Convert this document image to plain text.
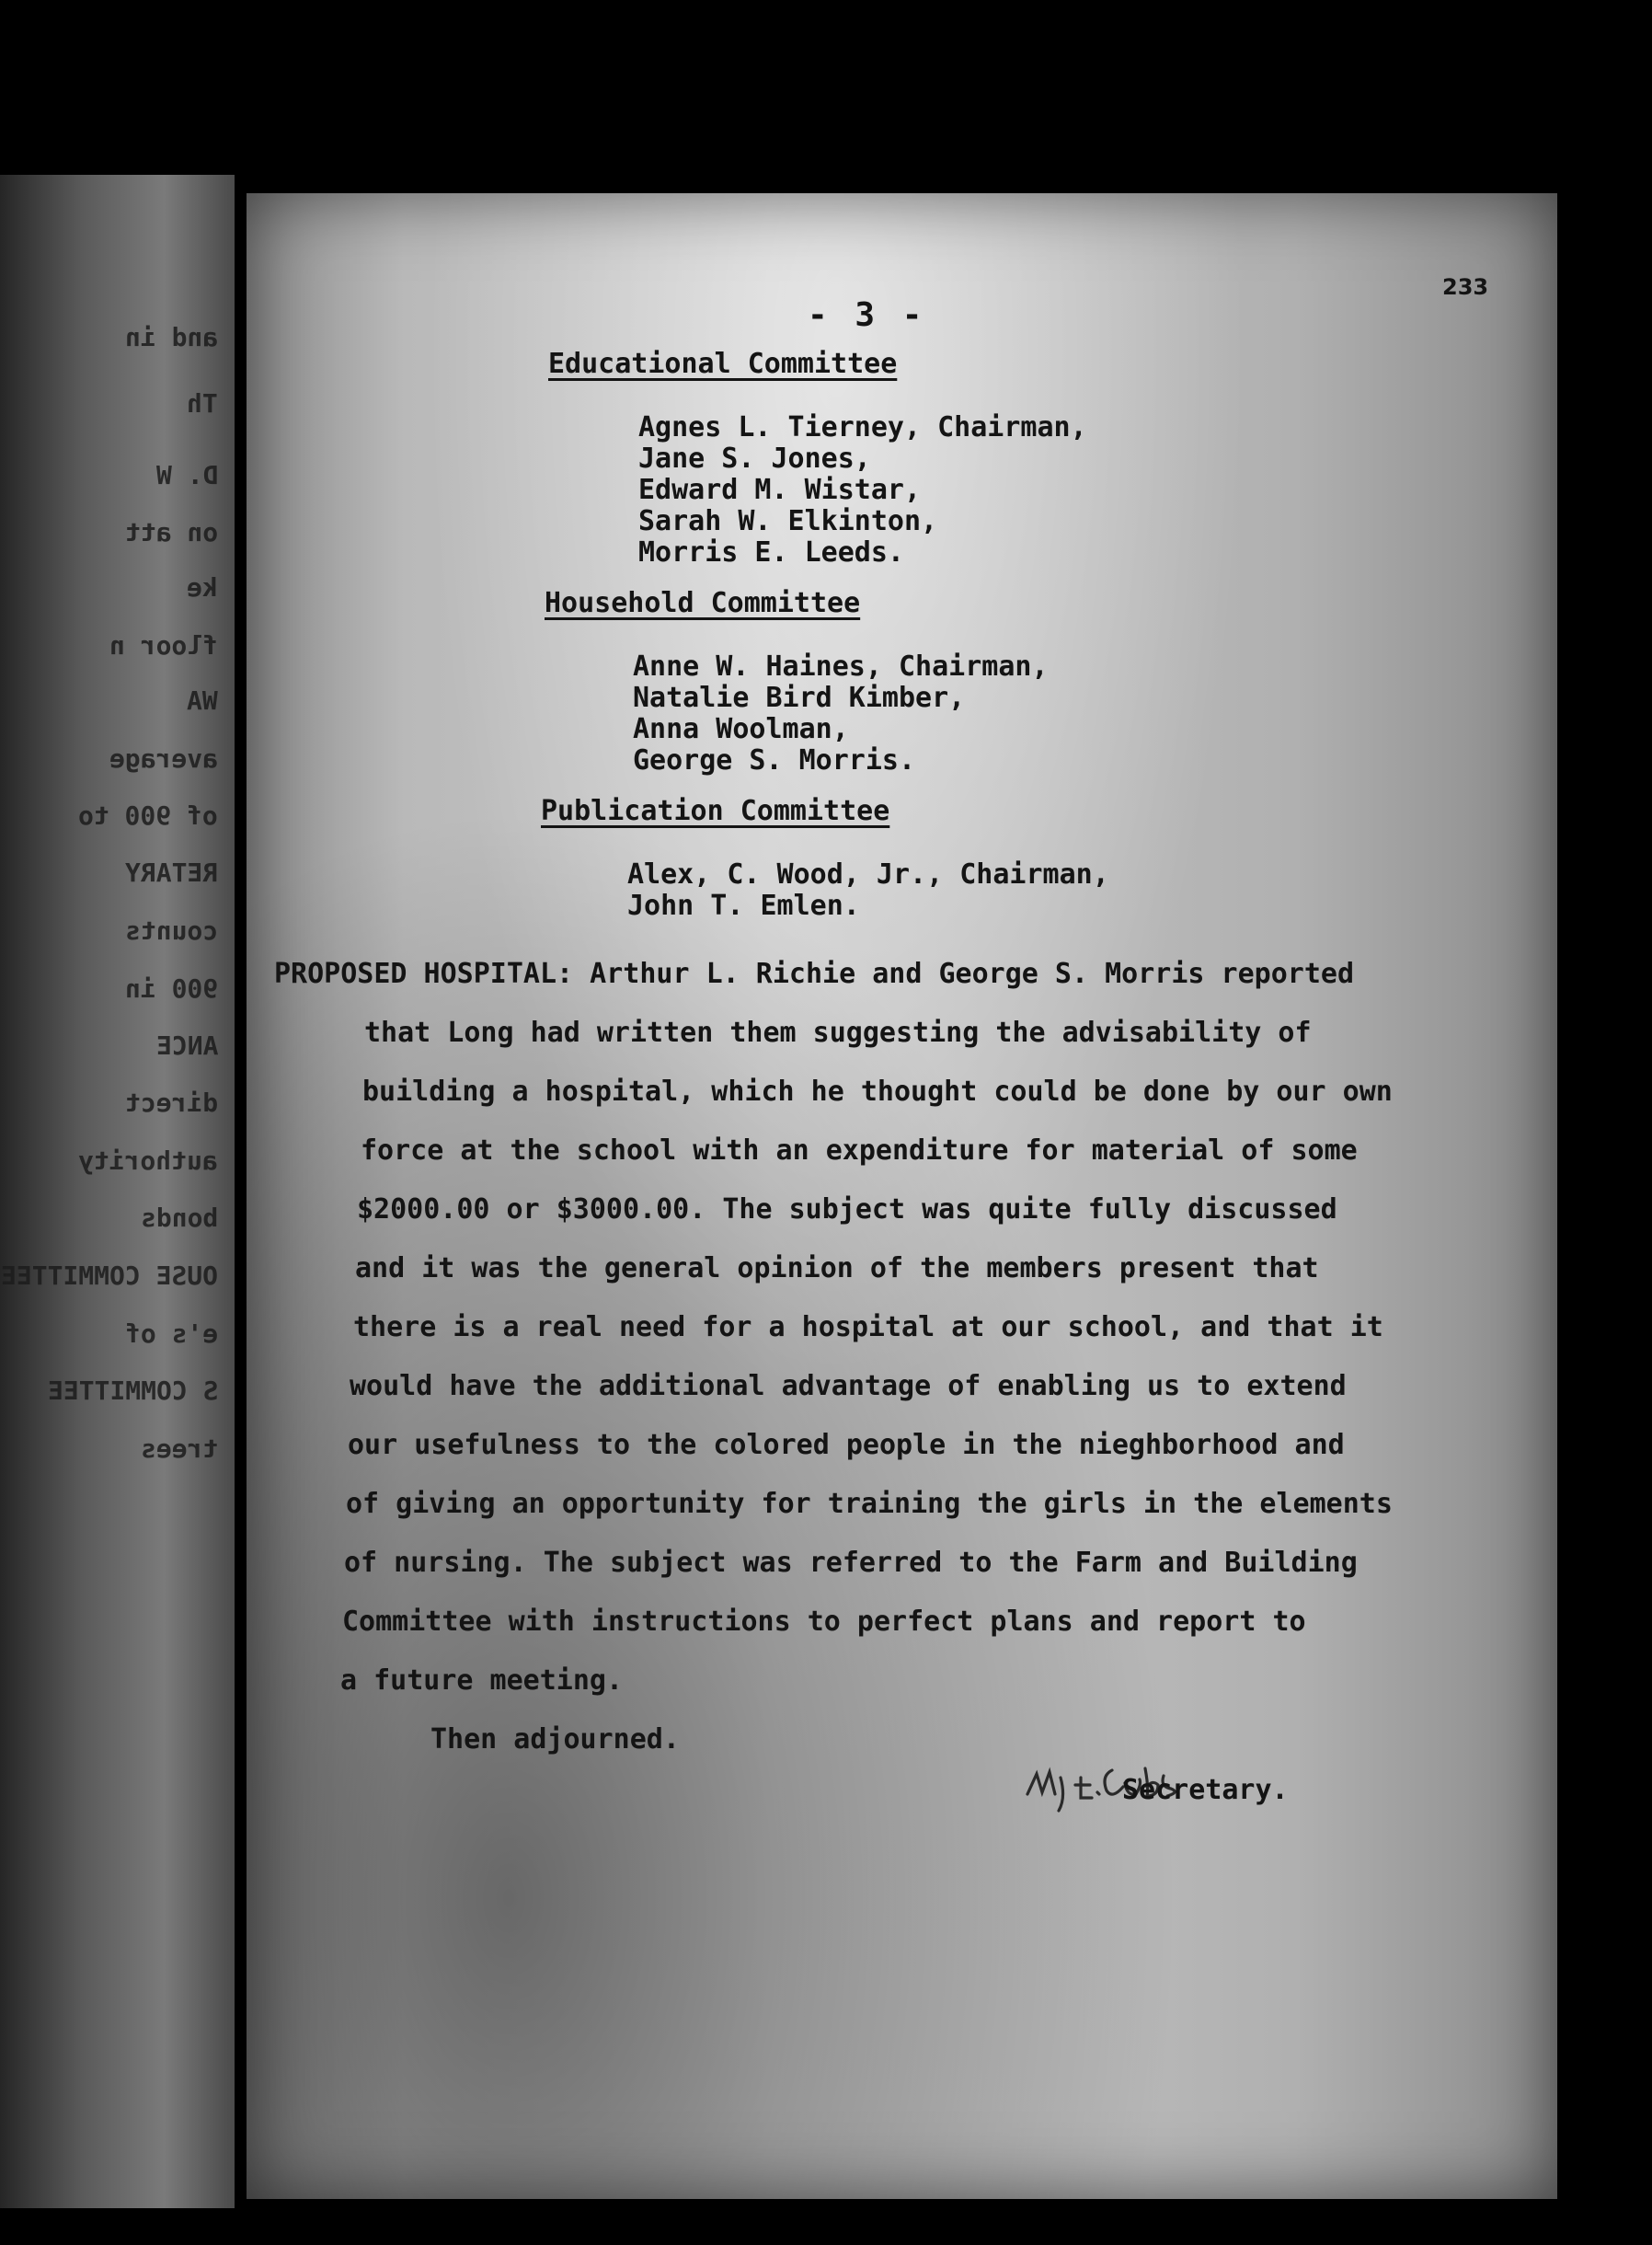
and in
Th
D. W
on att
ke
floor n
WA
average
of 900 to
RETARY
counts
900 in
ANCE
direct
authority
bonds
OUSE COMMITTEE
e's of
S COMMITTEE
trees
- 3 -
233
Educational Committee
Agnes L. Tierney, Chairman,
Jane S. Jones,
Edward M. Wistar,
Sarah W. Elkinton,
Morris E. Leeds.
Household Committee
Anne W. Haines, Chairman,
Natalie Bird Kimber,
Anna Woolman,
George S. Morris.
Publication Committee
Alex, C. Wood, Jr., Chairman,
John T. Emlen.
PROPOSED HOSPITAL: Arthur L. Richie and George S. Morris reported
that Long had written them suggesting the advisability of
building a hospital, which he thought could be done by our own
force at the school with an expenditure for material of some
$2000.00 or $3000.00. The subject was quite fully discussed
and it was the general opinion of the members present that
there is a real need for a hospital at our school, and that it
would have the additional advantage of enabling us to extend
our usefulness to the colored people in the nieghborhood and
of giving an opportunity for training the girls in the elements
of nursing. The subject was referred to the Farm and Building
Committee with instructions to perfect plans and report to
a future meeting.
Then adjourned.
Secretary.
